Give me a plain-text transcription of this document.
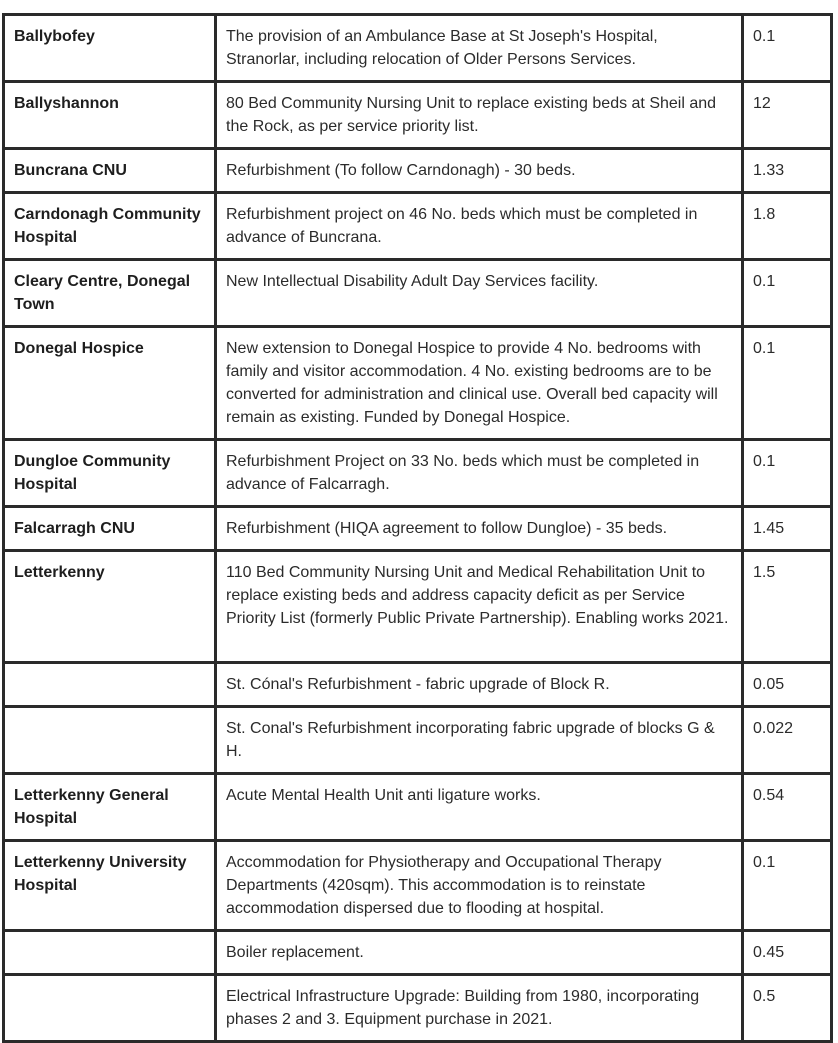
Ballybofey	The provision of an Ambulance Base at St Joseph's Hospital, Stranorlar, including relocation of Older Persons Services.	0.1
Ballyshannon	80 Bed Community Nursing Unit to replace existing beds at Sheil and the Rock, as per service priority list.	12
Buncrana CNU	Refurbishment (To follow Carndonagh) - 30 beds.	1.33
Carndonagh Community Hospital	Refurbishment project on 46 No. beds which must be completed in advance of Buncrana.	1.8
Cleary Centre, Donegal Town	New Intellectual Disability Adult Day Services facility.	0.1
Donegal Hospice	New extension to Donegal Hospice to provide 4 No. bedrooms with family and visitor accommodation. 4 No. existing bedrooms are to be converted for administration and clinical use. Overall bed capacity will remain as existing. Funded by Donegal Hospice.	0.1
Dungloe Community Hospital	Refurbishment Project on 33 No. beds which must be completed in advance of Falcarragh.	0.1
Falcarragh CNU	Refurbishment (HIQA agreement to follow Dungloe) - 35 beds.	1.45
Letterkenny	110 Bed Community Nursing Unit and Medical Rehabilitation Unit to replace existing beds and address capacity deficit as per Service Priority List (formerly Public Private Partnership). Enabling works 2021.	1.5
	St. Cónal's Refurbishment - fabric upgrade of Block R.	0.05
	St. Conal's Refurbishment incorporating fabric upgrade of blocks G & H.	0.022
Letterkenny General Hospital	Acute Mental Health Unit anti ligature works.	0.54
Letterkenny University Hospital	Accommodation for Physiotherapy and Occupational Therapy Departments (420sqm). This accommodation is to reinstate accommodation dispersed due to flooding at hospital.	0.1
	Boiler replacement.	0.45
	Electrical Infrastructure Upgrade: Building from 1980, incorporating phases 2 and 3. Equipment purchase in 2021.	0.5
